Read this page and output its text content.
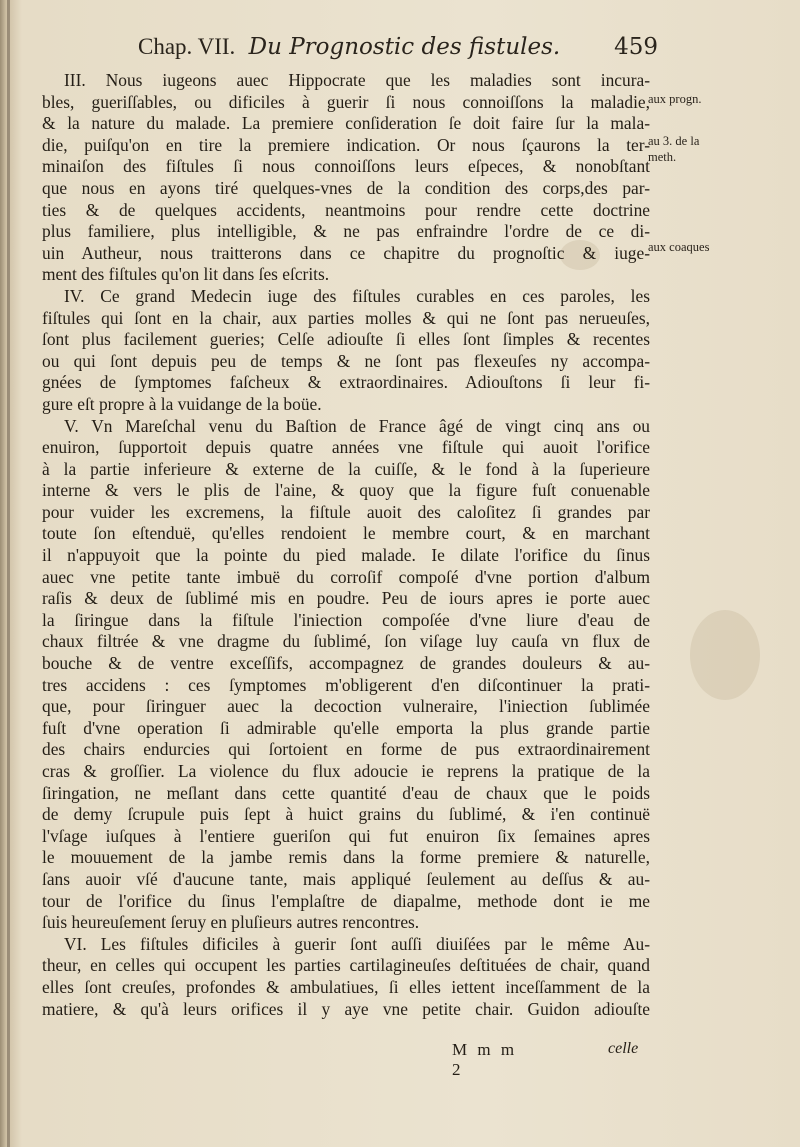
Chap. VII. Du Prognostic des fistules. 459
III. Nous iugeons auec Hippocrate que les maladies sont incura-
bles, gueriſſables, ou dificiles à guerir ſi nous connoiſſons la maladie,
& la nature du malade. La premiere conſideration ſe doit faire ſur la mala-
die, puiſqu'on en tire la premiere indication. Or nous ſçaurons la ter-
minaiſon des fiſtules ſi nous connoiſſons leurs eſpeces, & nonobſtant
que nous en ayons tiré quelques-vnes de la condition des corps,des par-
ties & de quelques accidents, neantmoins pour rendre cette doctrine
plus familiere, plus intelligible, & ne pas enfraindre l'ordre de ce di-
uin Autheur, nous traitterons dans ce chapitre du prognoſtic & iuge-
ment des fiſtules qu'on lit dans ſes eſcrits.
IV. Ce grand Medecin iuge des fiſtules curables en ces paroles, les
fiſtules qui ſont en la chair, aux parties molles & qui ne ſont pas nerueuſes,
ſont plus facilement gueries; Celſe adiouſte ſi elles ſont ſimples & recentes
ou qui ſont depuis peu de temps & ne ſont pas flexeuſes ny accompa-
gnées de ſymptomes faſcheux & extraordinaires. Adiouſtons ſi leur fi-
gure eſt propre à la vuidange de la boüe.
V. Vn Mareſchal venu du Baſtion de France âgé de vingt cinq ans ou
enuiron, ſupportoit depuis quatre années vne fiſtule qui auoit l'orifice
à la partie inferieure & externe de la cuiſſe, & le fond à la ſuperieure
interne & vers le plis de l'aine, & quoy que la figure fuſt conuenable
pour vuider les excremens, la fiſtule auoit des caloſitez ſi grandes par
toute ſon eſtenduë, qu'elles rendoient le membre court, & en marchant
il n'appuyoit que la pointe du pied malade. Ie dilate l'orifice du ſinus
auec vne petite tante imbuë du corroſif compoſé d'vne portion d'album
raſis & deux de ſublimé mis en poudre. Peu de iours apres ie porte auec
la ſiringue dans la fiſtule l'iniection compoſée d'vne liure d'eau de
chaux filtrée & vne dragme du ſublimé, ſon viſage luy cauſa vn flux de
bouche & de ventre exceſſifs, accompagnez de grandes douleurs & au-
tres accidens : ces ſymptomes m'obligerent d'en diſcontinuer la prati-
que, pour ſiringuer auec la decoction vulneraire, l'iniection ſublimée
fuſt d'vne operation ſi admirable qu'elle emporta la plus grande partie
des chairs endurcies qui ſortoient en forme de pus extraordinairement
cras & groſſier. La violence du flux adoucie ie reprens la pratique de la
ſiringation, ne meſlant dans cette quantité d'eau de chaux que le poids
de demy ſcrupule puis ſept à huict grains du ſublimé, & i'en continuë
l'vſage iuſques à l'entiere gueriſon qui fut enuiron ſix ſemaines apres
le mouuement de la jambe remis dans la forme premiere & naturelle,
ſans auoir vſé d'aucune tante, mais appliqué ſeulement au deſſus & au-
tour de l'orifice du ſinus l'emplaſtre de diapalme, methode dont ie me
ſuis heureuſement ſeruy en pluſieurs autres rencontres.
VI. Les fiſtules dificiles à guerir ſont auſſi diuiſées par le même Au-
theur, en celles qui occupent les parties cartilagineuſes deſtituées de chair, quand
elles ſont creuſes, profondes & ambulatiues, ſi elles iettent inceſſamment de la
matiere, & qu'à leurs orifices il y aye vne petite chair. Guidon adiouſte
aux progn.
au 3. de la
meth.
aux coaques
M m m 2
celle
